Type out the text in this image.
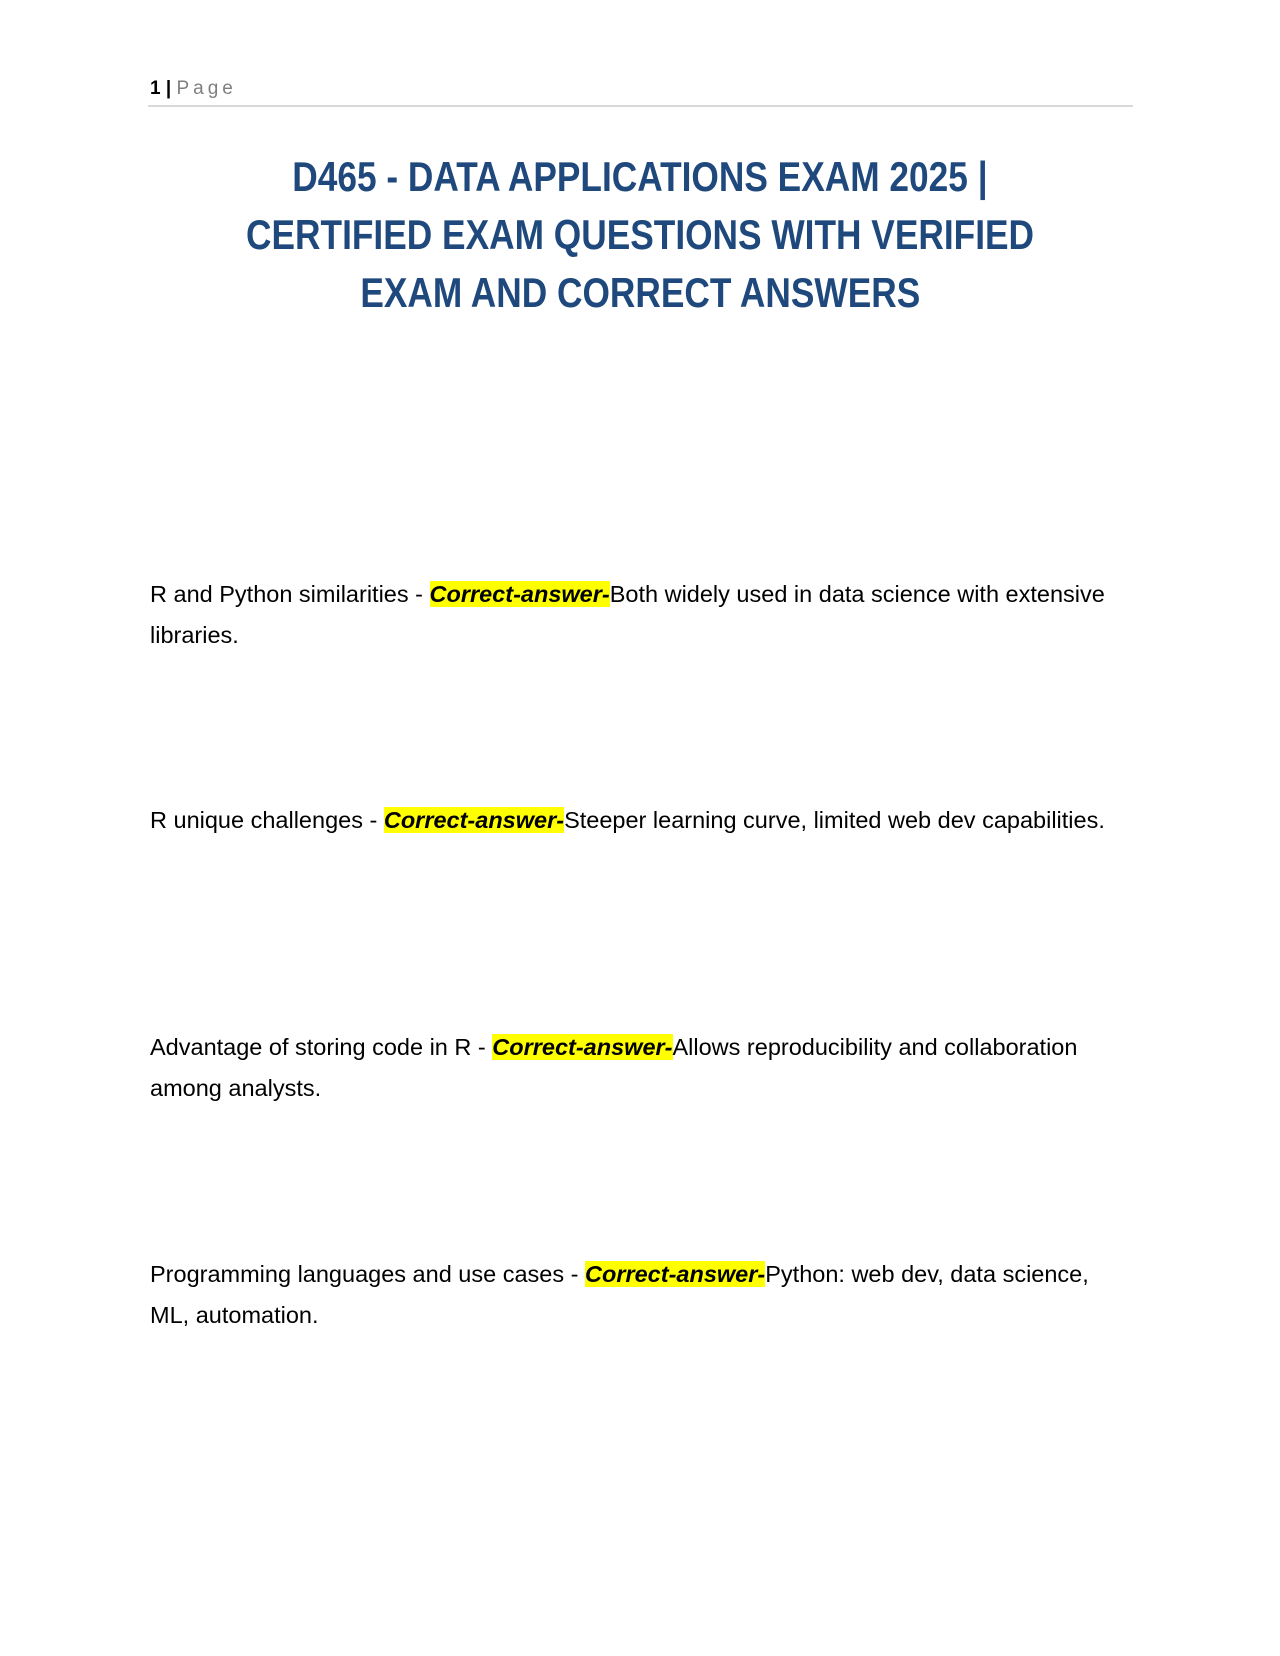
1 | Page
D465 - DATA APPLICATIONS EXAM 2025 |
CERTIFIED EXAM QUESTIONS WITH VERIFIED
EXAM AND CORRECT ANSWERS

R and Python similarities - Correct-answer-Both widely used in data science with extensive libraries.

R unique challenges - Correct-answer-Steeper learning curve, limited web dev capabilities.

Advantage of storing code in R - Correct-answer-Allows reproducibility and collaboration among analysts.

Programming languages and use cases - Correct-answer-Python: web dev, data science, ML, automation.
